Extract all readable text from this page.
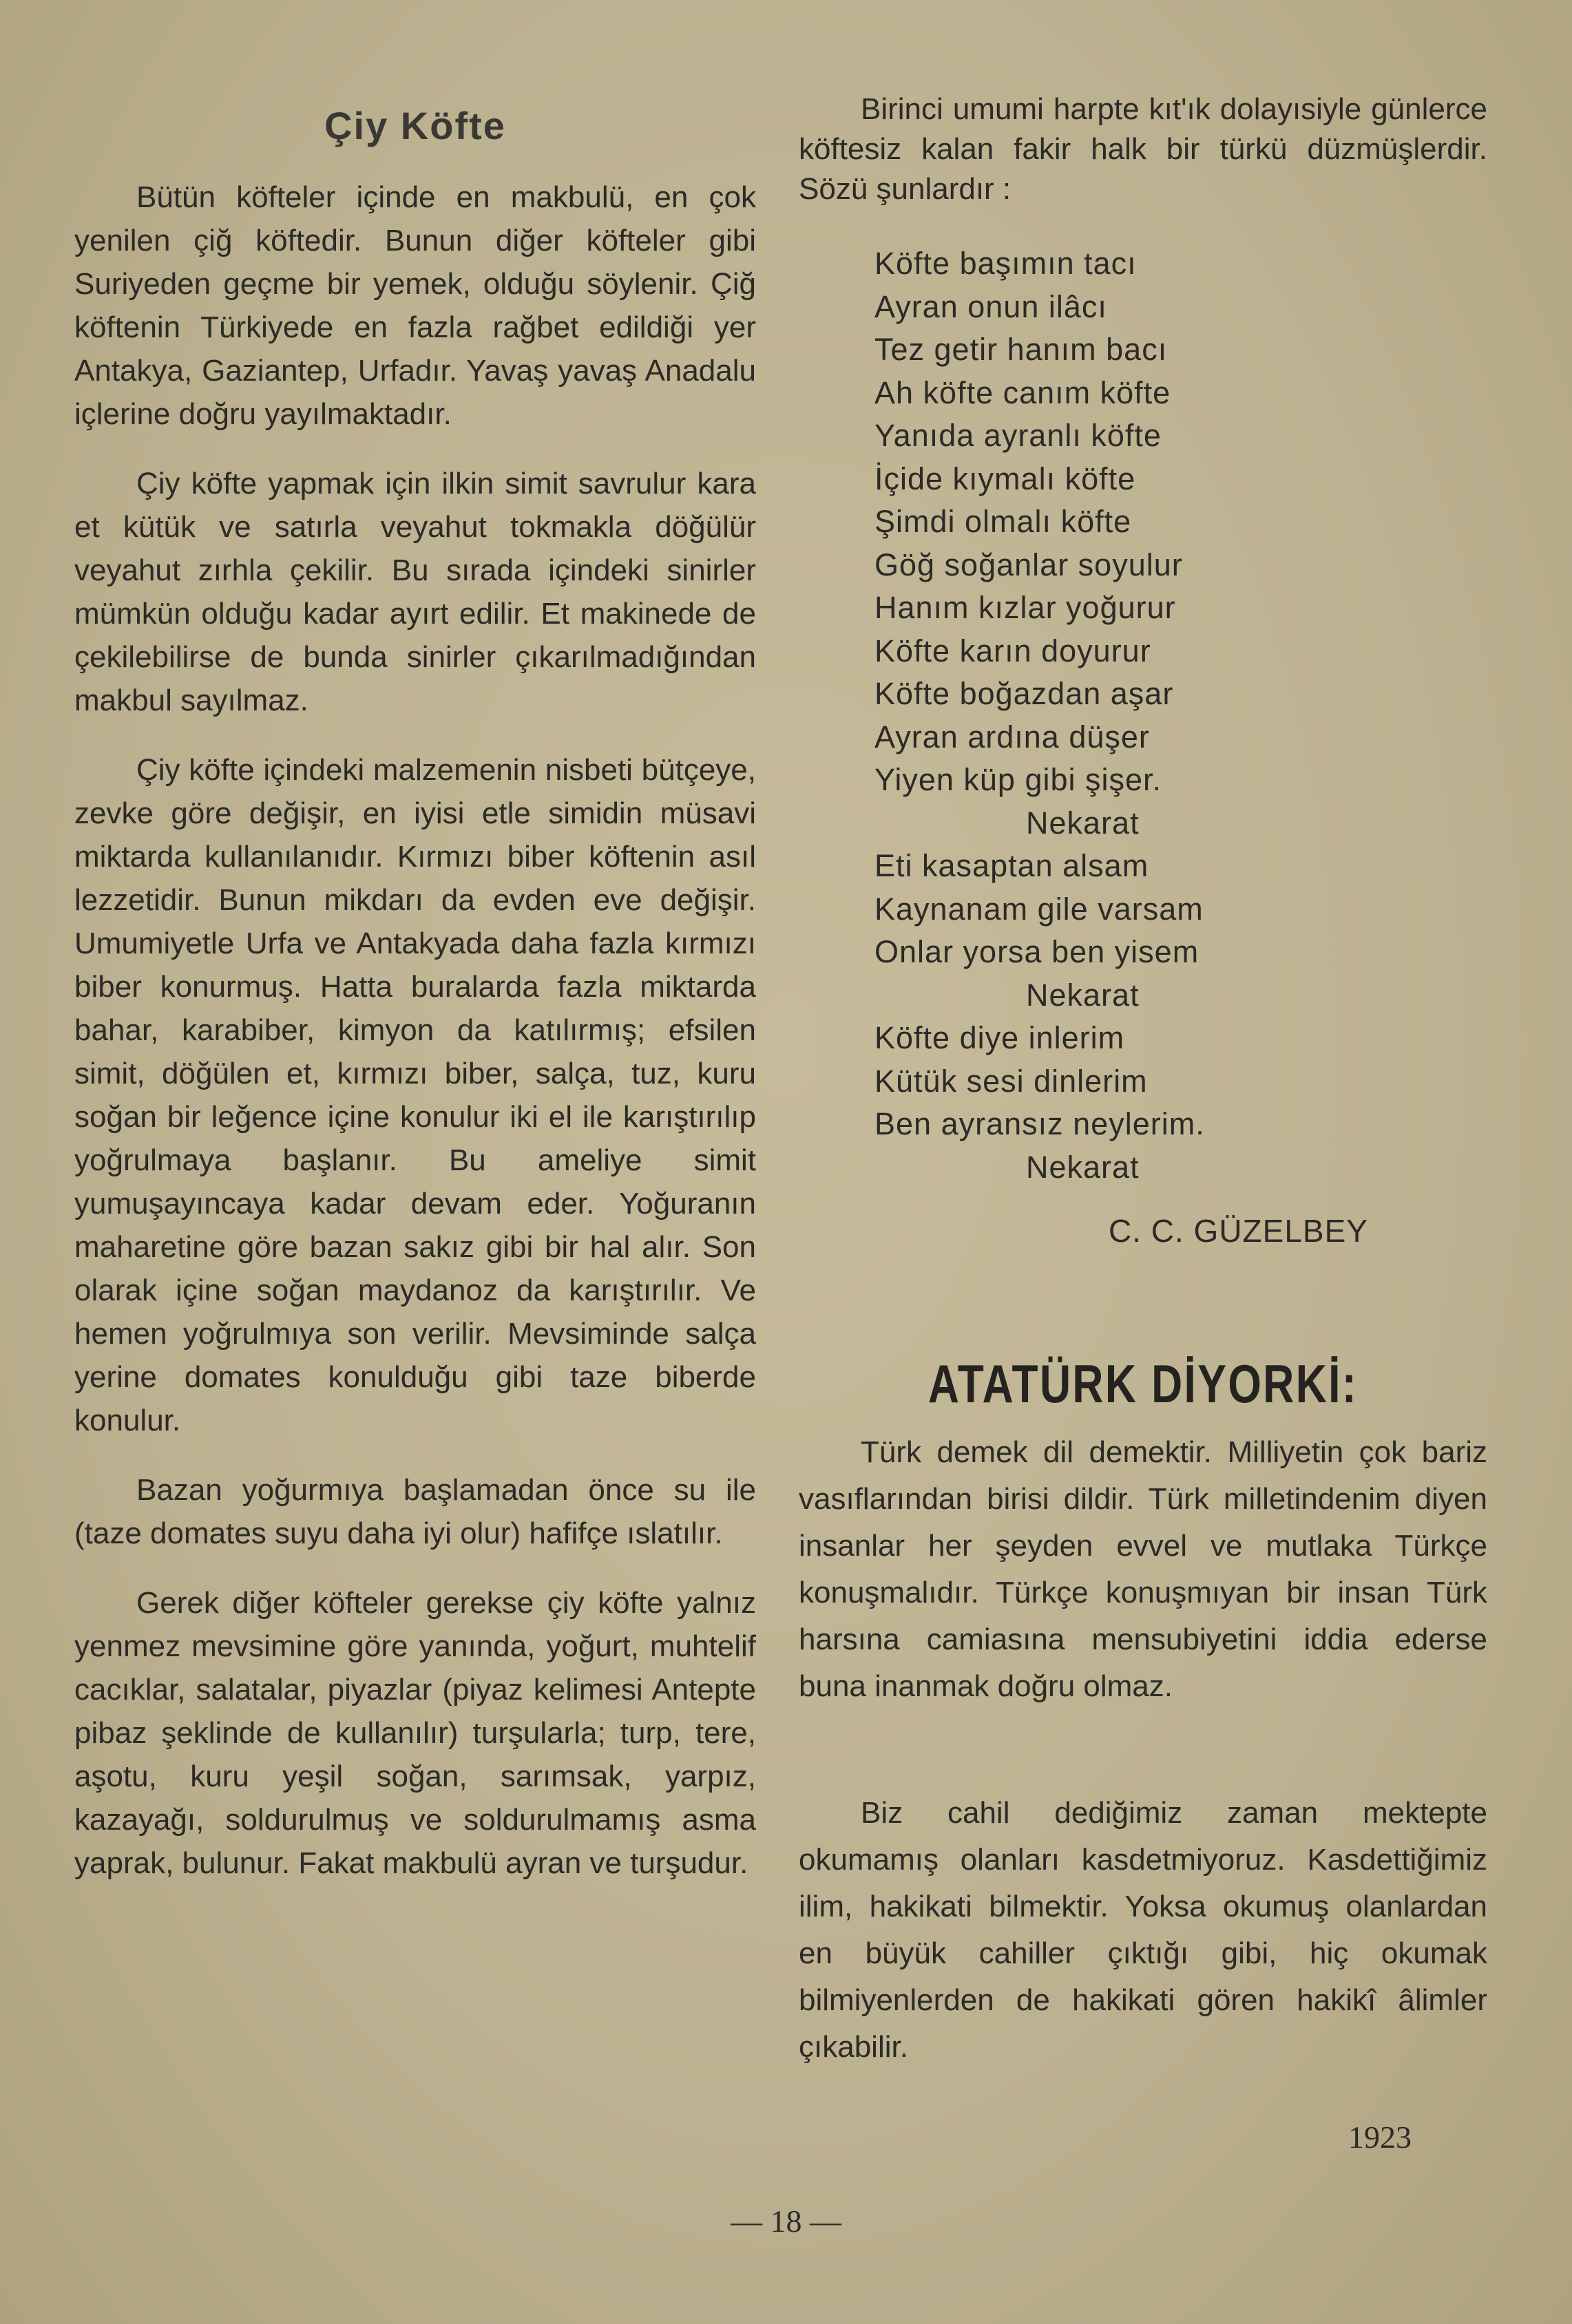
Çiy Köfte

Bütün köfteler içinde en makbulü, en çok yenilen çiğ köftedir. Bunun diğer köfteler gibi Suriyeden geçme bir yemek, olduğu söylenir. Çiğ köftenin Türkiyede en fazla rağbet edildiği yer Antakya, Gaziantep, Urfadır. Yavaş yavaş Anadalu içlerine doğru yayılmaktadır.

Çiy köfte yapmak için ilkin simit savrulur kara et kütük ve satırla veyahut tokmakla döğülür veyahut zırhla çekilir. Bu sırada içindeki sinirler mümkün olduğu kadar ayırt edilir. Et makinede de çekilebilirse de bunda sinirler çıkarılmadığından makbul sayılmaz.

Çiy köfte içindeki malzemenin nisbeti bütçeye, zevke göre değişir, en iyisi etle simidin müsavi miktarda kullanılanıdır. Kırmızı biber köftenin asıl lezzetidir. Bunun mikdarı da evden eve değişir. Umumiyetle Urfa ve Antakyada daha fazla kırmızı biber konurmuş. Hatta buralarda fazla miktarda bahar, karabiber, kimyon da katılırmış; efsilen simit, döğülen et, kırmızı biber, salça, tuz, kuru soğan bir leğence içine konulur iki el ile karıştırılıp yoğrulmaya başlanır. Bu ameliye simit yumuşayıncaya kadar devam eder. Yoğuranın maharetine göre bazan sakız gibi bir hal alır. Son olarak içine soğan maydanoz da karıştırılır. Ve hemen yoğrulmıya son verilir. Mevsiminde salça yerine domates konulduğu gibi taze biberde konulur.

Bazan yoğurmıya başlamadan önce su ile (taze domates suyu daha iyi olur) hafifçe ıslatılır.

Gerek diğer köfteler gerekse çiy köfte yalnız yenmez mevsimine göre yanında, yoğurt, muhtelif cacıklar, salatalar, piyazlar (piyaz kelimesi Antepte pibaz şeklinde de kullanılır) turşularla; turp, tere, aşotu, kuru yeşil soğan, sarımsak, yarpız, kazayağı, soldurulmuş ve soldurulmamış asma yaprak, bulunur. Fakat makbulü ayran ve turşudur.

Birinci umumi harpte kıt'ık dolayısiyle günlerce köftesiz kalan fakir halk bir türkü düzmüşlerdir. Sözü şunlardır :

Köfte başımın tacı
Ayran onun ilâcı
Tez getir hanım bacı
Ah köfte canım köfte
Yanıda ayranlı köfte
İçide kıymalı köfte
Şimdi olmalı köfte
Göğ soğanlar soyulur
Hanım kızlar yoğurur
Köfte karın doyurur
Köfte boğazdan aşar
Ayran ardına düşer
Yiyen küp gibi şişer.
Nekarat
Eti kasaptan alsam
Kaynanam gile varsam
Onlar yorsa ben yisem
Nekarat
Köfte diye inlerim
Kütük sesi dinlerim
Ben ayransız neylerim.
Nekarat
C. C. GÜZELBEY
ATATÜRK DİYORKİ:

Türk demek dil demektir. Milliyetin çok bariz vasıflarından birisi dildir. Türk milletindenim diyen insanlar her şeyden evvel ve mutlaka Türkçe konuşmalıdır. Türkçe konuşmıyan bir insan Türk harsına camiasına mensubiyetini iddia ederse buna inanmak doğru olmaz.

Biz cahil dediğimiz zaman mektepte okumamış olanları kasdetmiyoruz. Kasdettiğimiz ilim, hakikati bilmektir. Yoksa okumuş olanlardan en büyük cahiller çıktığı gibi, hiç okumak bilmiyenlerden de hakikati gören hakikî âlimler çıkabilir.

1923
— 18 —
